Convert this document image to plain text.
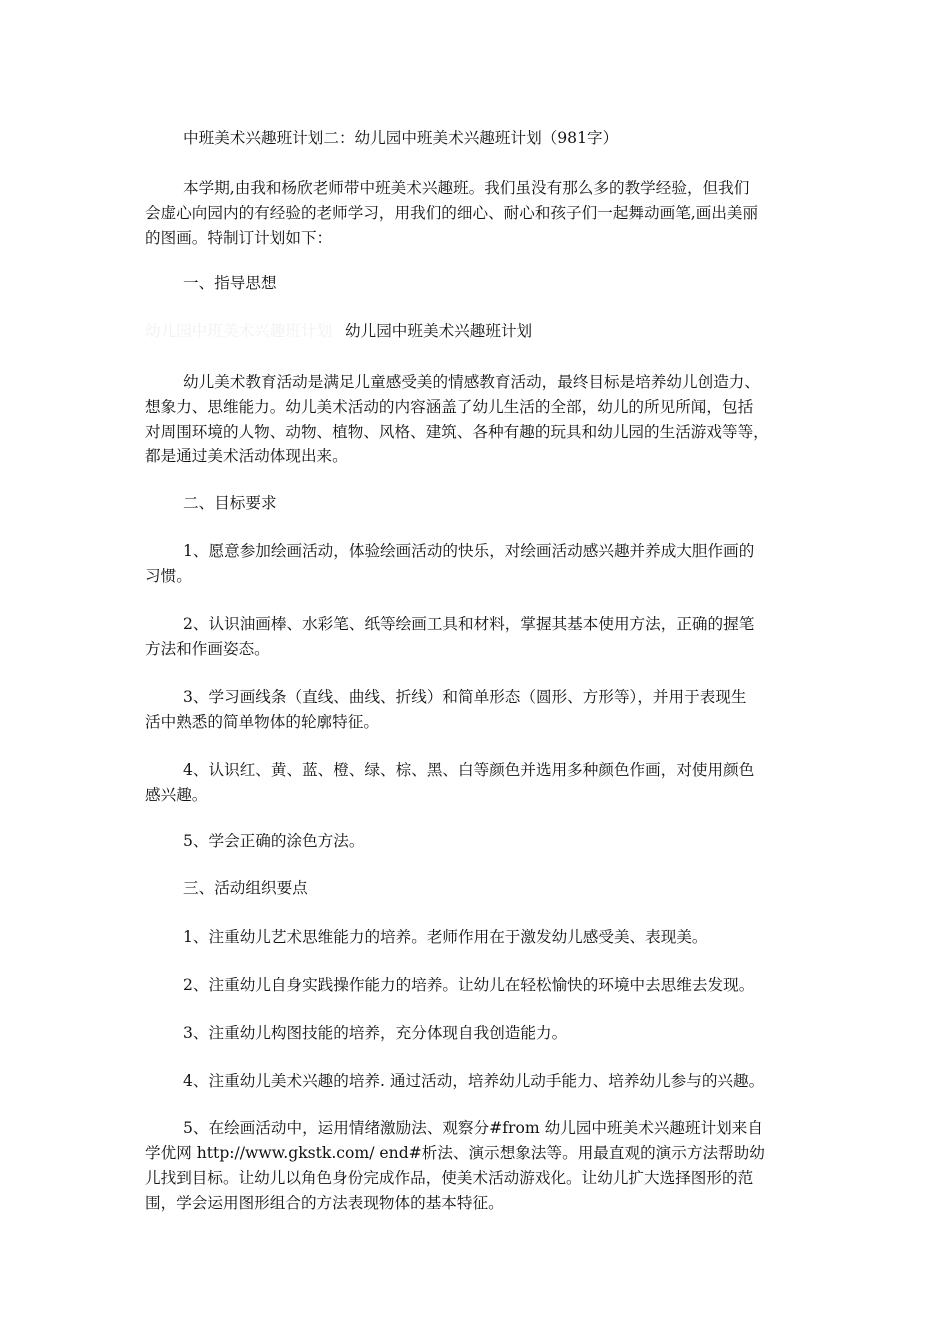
中班美术兴趣班计划二：幼儿园中班美术兴趣班计划（981字）

本学期,由我和杨欣老师带中班美术兴趣班。我们虽没有那么多的教学经验，但我们

会虚心向园内的有经验的老师学习，用我们的细心、耐心和孩子们一起舞动画笔,画出美丽

的图画。特制订计划如下：

一、指导思想

幼儿园中班美术兴趣班计划 幼儿园中班美术兴趣班计划

幼儿美术教育活动是满足儿童感受美的情感教育活动，最终目标是培养幼儿创造力、

想象力、思维能力。幼儿美术活动的内容涵盖了幼儿生活的全部，幼儿的所见所闻，包括

对周围环境的人物、动物、植物、风格、建筑、各种有趣的玩具和幼儿园的生活游戏等等，

都是通过美术活动体现出来。

二、目标要求

1、愿意参加绘画活动，体验绘画活动的快乐，对绘画活动感兴趣并养成大胆作画的

习惯。

2、认识油画棒、水彩笔、纸等绘画工具和材料，掌握其基本使用方法，正确的握笔

方法和作画姿态。

3、学习画线条（直线、曲线、折线）和简单形态（圆形、方形等），并用于表现生

活中熟悉的简单物体的轮廓特征。

4、认识红、黄、蓝、橙、绿、棕、黑、白等颜色并选用多种颜色作画，对使用颜色

感兴趣。

5、学会正确的涂色方法。

三、活动组织要点

1、注重幼儿艺术思维能力的培养。老师作用在于激发幼儿感受美、表现美。

2、注重幼儿自身实践操作能力的培养。让幼儿在轻松愉快的环境中去思维去发现。

3、注重幼儿构图技能的培养，充分体现自我创造能力。

4、注重幼儿美术兴趣的培养. 通过活动，培养幼儿动手能力、培养幼儿参与的兴趣。

5、在绘画活动中，运用情绪激励法、观察分#from 幼儿园中班美术兴趣班计划来自

学优网 http://www.gkstk.com/ end#析法、演示想象法等。用最直观的演示方法帮助幼

儿找到目标。让幼儿以角色身份完成作品，使美术活动游戏化。让幼儿扩大选择图形的范

围，学会运用图形组合的方法表现物体的基本特征。
